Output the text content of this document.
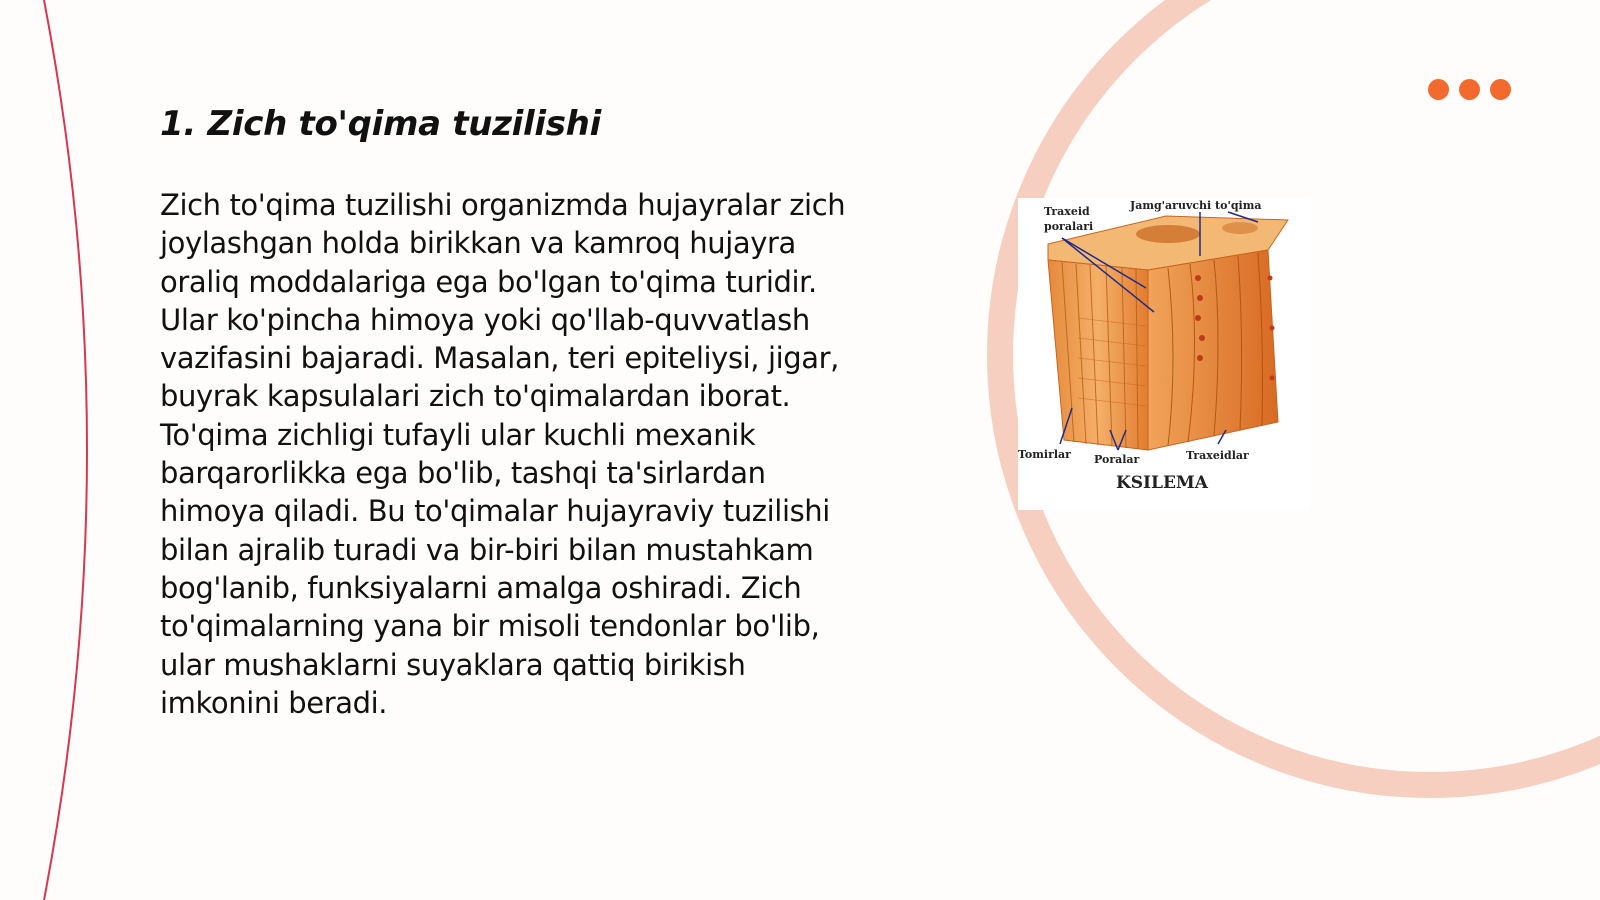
1. Zich to'qima tuzilishi

Zich to'qima tuzilishi organizmda hujayralar zich joylashgan holda birikkan va kamroq hujayra oraliq moddalariga ega bo'lgan to'qima turidir. Ular ko'pincha himoya yoki qo'llab-quvvatlash vazifasini bajaradi. Masalan, teri epiteliysi, jigar, buyrak kapsulalari zich to'qimalardan iborat. To'qima zichligi tufayli ular kuchli mexanik barqarorlikka ega bo'lib, tashqi ta'sirlardan himoya qiladi. Bu to'qimalar hujayraviy tuzilishi bilan ajralib turadi va bir-biri bilan mustahkam bog'lanib, funksiyalarni amalga oshiradi. Zich to'qimalarning yana bir misoli tendonlar bo'lib, ular mushaklarni suyaklara qattiq birikish imkonini beradi.

Traxeid
poralari
Jamg'aruvchi to'qima
Tomirlar Poralar	Traxeidlar
KSILEMA
